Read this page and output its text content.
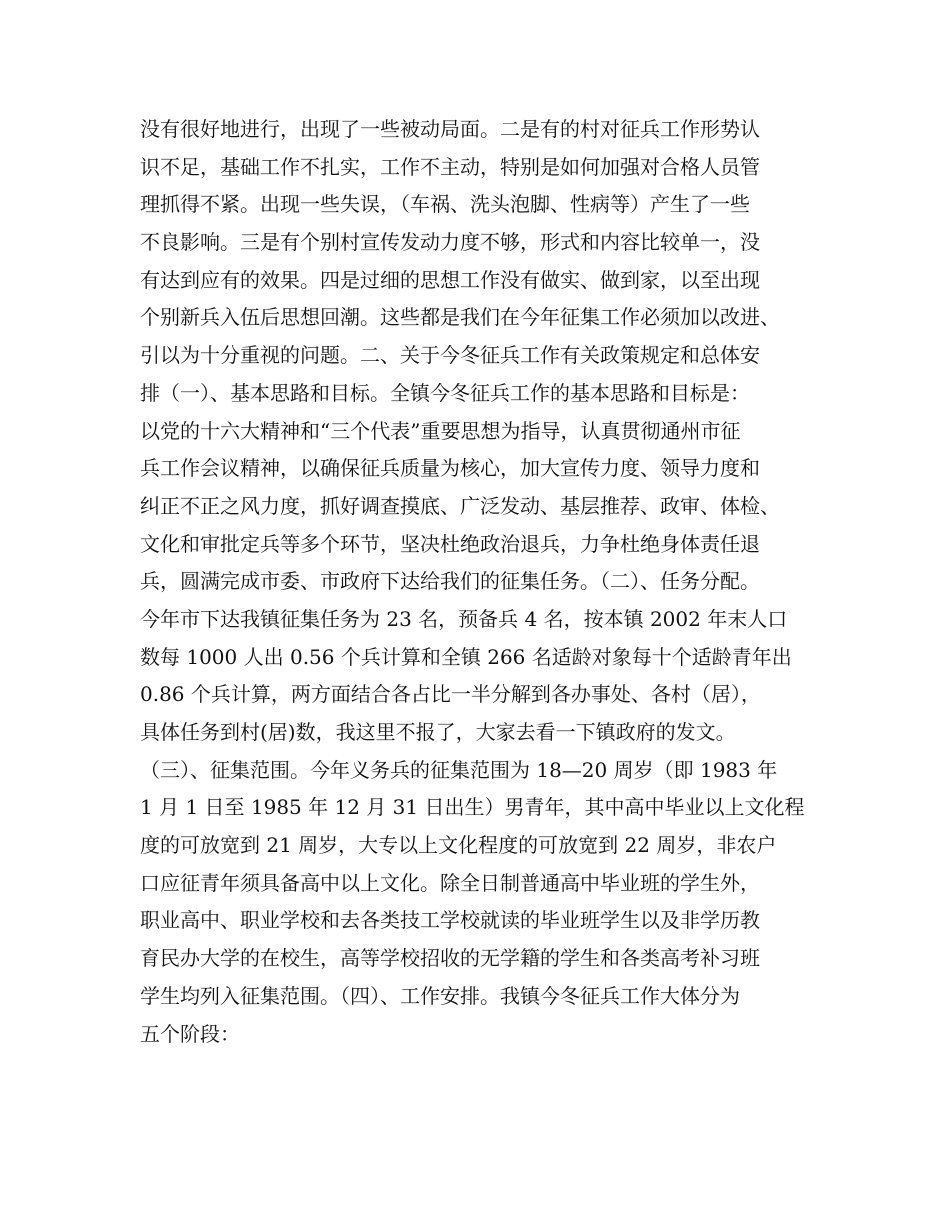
没有很好地进行，出现了一些被动局面。二是有的村对征兵工作形势认
识不足，基础工作不扎实，工作不主动，特别是如何加强对合格人员管
理抓得不紧。出现一些失误，（车祸、洗头泡脚、性病等）产生了一些
不良影响。三是有个别村宣传发动力度不够，形式和内容比较单一，没
有达到应有的效果。四是过细的思想工作没有做实、做到家，以至出现
个别新兵入伍后思想回潮。这些都是我们在今年征集工作必须加以改进、
引以为十分重视的问题。二、关于今冬征兵工作有关政策规定和总体安
排（一）、基本思路和目标。全镇今冬征兵工作的基本思路和目标是：
以党的十六大精神和“三个代表”重要思想为指导，认真贯彻通州市征
兵工作会议精神，以确保征兵质量为核心，加大宣传力度、领导力度和
纠正不正之风力度，抓好调查摸底、广泛发动、基层推荐、政审、体检、
文化和审批定兵等多个环节，坚决杜绝政治退兵，力争杜绝身体责任退
兵，圆满完成市委、市政府下达给我们的征集任务。（二）、任务分配。
今年市下达我镇征集任务为 23 名，预备兵 4 名，按本镇 2002 年末人口
数每 1000 人出 0.56 个兵计算和全镇 266 名适龄对象每十个适龄青年出
0.86 个兵计算，两方面结合各占比一半分解到各办事处、各村（居），
具体任务到村(居)数，我这里不报了，大家去看一下镇政府的发文。
（三）、征集范围。今年义务兵的征集范围为 18—20 周岁（即 1983 年
1 月 1 日至 1985 年 12 月 31 日出生）男青年，其中高中毕业以上文化程
度的可放宽到 21 周岁，大专以上文化程度的可放宽到 22 周岁，非农户
口应征青年须具备高中以上文化。除全日制普通高中毕业班的学生外，
职业高中、职业学校和去各类技工学校就读的毕业班学生以及非学历教
育民办大学的在校生，高等学校招收的无学籍的学生和各类高考补习班
学生均列入征集范围。（四）、工作安排。我镇今冬征兵工作大体分为
五个阶段：
